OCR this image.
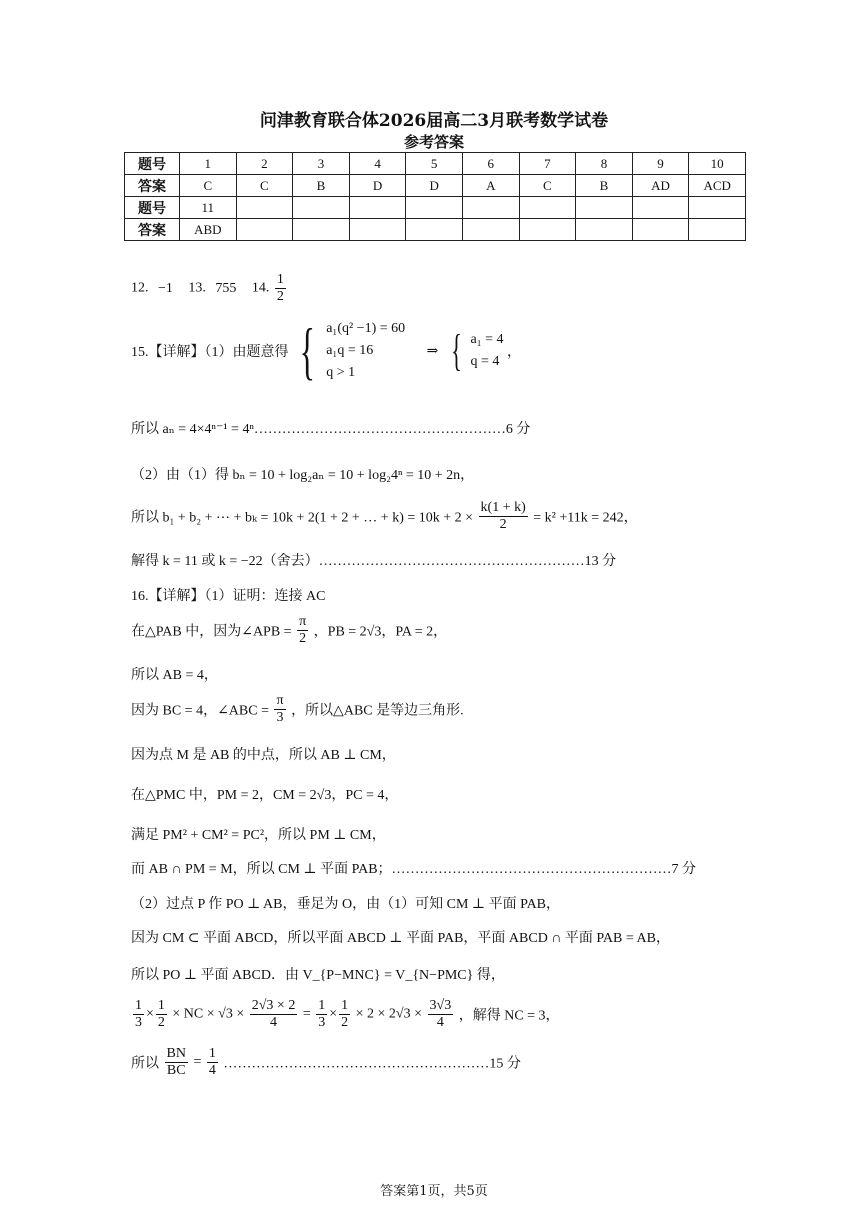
问津教育联合体2026届高二3月联考数学试卷
参考答案
题号	1	2	3	4	5	6	7	8	9	10
答案	C	C	B	D	D	A	C	B	AD	ACD
题号	11									
答案	ABD									
12. −1 13. 755 14. $\frac{1}{2}$
15.【详解】（1）由题意得 { a₁(q² −1) = 60
a₁q = 16
q > 1
⇒ { a₁ = 4
q = 4
，
所以 aₙ = 4×4ⁿ⁻¹ = 4ⁿ………………………………………………6 分
（2）由（1）得 bₙ = 10 + log₂aₙ = 10 + log₂4ⁿ = 10 + 2n，
所以 b₁ + b₂ + ⋯ + bₖ = 10k + 2(1 + 2 + … + $k) = 10k + 2 \times \frac{k(1 + k)}{2} = k^2 +11k = 242$，
解得 k = 11 或 k = −22（舍去）…………………………………………………13 分
16.【详解】（1）证明：连接 AC
在△PAB 中，因为∠APB = $\frac{\pi}{2}$ ，PB = 2√3，PA = 2，
所以 AB = 4，
因为 BC = 4，∠ABC = $\frac{\pi}{3}$ ，所以△ABC 是等边三角形.
因为点 M 是 AB 的中点，所以 AB ⊥ CM，
在△PMC 中，PM = 2，CM = 2√3，PC = 4，
满足 PM² + CM² = PC²，所以 PM ⊥ CM，
而 AB ∩ PM = M，所以 CM ⊥ 平面 PAB；……………………………………………………7 分
（2）过点 P 作 PO ⊥ AB，垂足为 O，由（1）可知 CM ⊥ 平面 PAB，
因为 CM ⊂ 平面 ABCD，所以平面 ABCD ⊥ 平面 PAB，平面 ABCD ∩ 平面 PAB = AB，
所以 PO ⊥ 平面 ABCD．由 V_{P−MNC} = V_{N−PMC} 得，
$\frac{1}{3} \times \frac{1}{2}$ × NC × $√3 \times \frac{2√3 \times 2}{4} = \frac{1}{3} \times \frac{1}{2} \times 2 \times 2√3 \times \frac{3√3}{4}$ ，解得 NC = 3，
所以 $\frac{BN}{BC} = \frac{1}{4}$ …………………………………………………15 分
答案第1页，共5页
